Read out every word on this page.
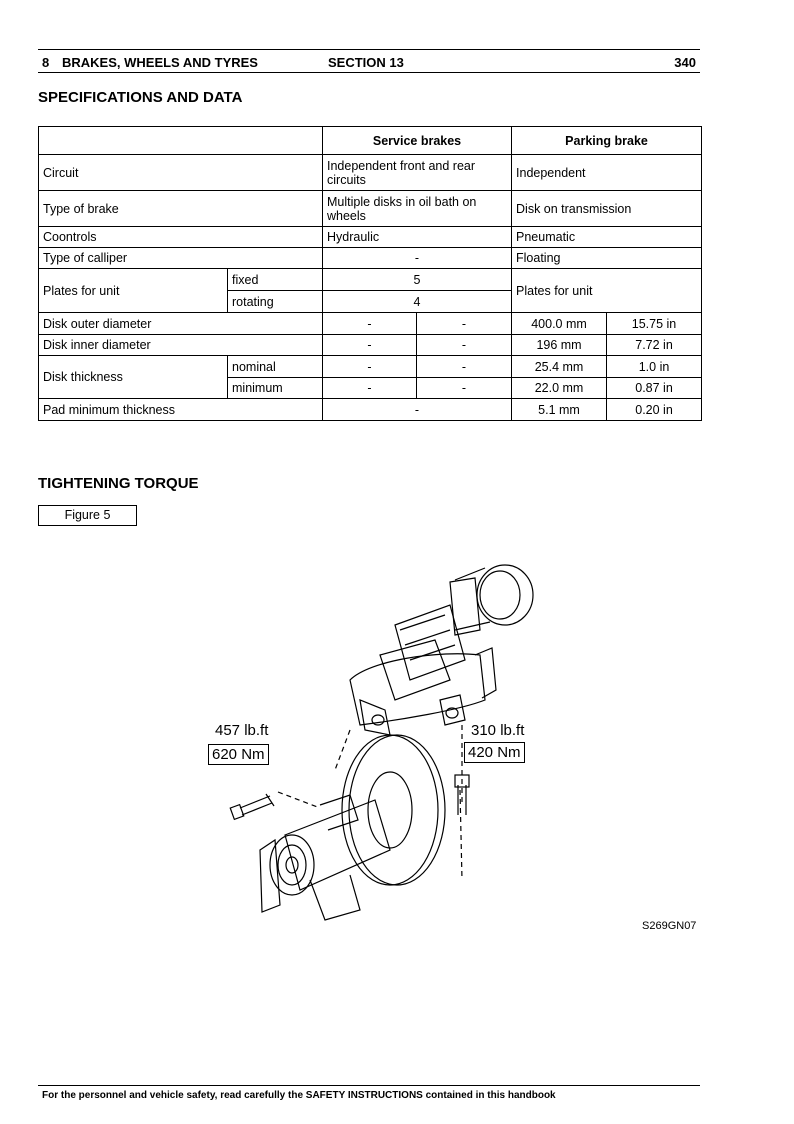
8 BRAKES, WHEELS AND TYRES	SECTION 13	340
SPECIFICATIONS AND DATA
		Service brakes		Parking brake	
Circuit		Independent front and rear circuits		Independent	
Type of brake		Multiple disks in oil bath on wheels		Disk on transmission	
Coontrols		Hydraulic		Pneumatic	
Type of calliper		-		Floating	
Plates for unit	fixed	5		Plates for unit	
	rotating	4			
Disk outer diameter		-	-	400.0 mm	15.75 in
Disk inner diameter		-	-	196 mm	7.72 in
Disk thickness	nominal	-	-	25.4 mm	1.0 in
	minimum	-	-	22.0 mm	0.87 in
Pad minimum thickness		-		5.1 mm	0.20 in
TIGHTENING TORQUE
Figure 5
457 lb.ft
620 Nm
310 lb.ft
420 Nm
S269GN07
For the personnel and vehicle safety, read carefully the SAFETY INSTRUCTIONS contained in this handbook
